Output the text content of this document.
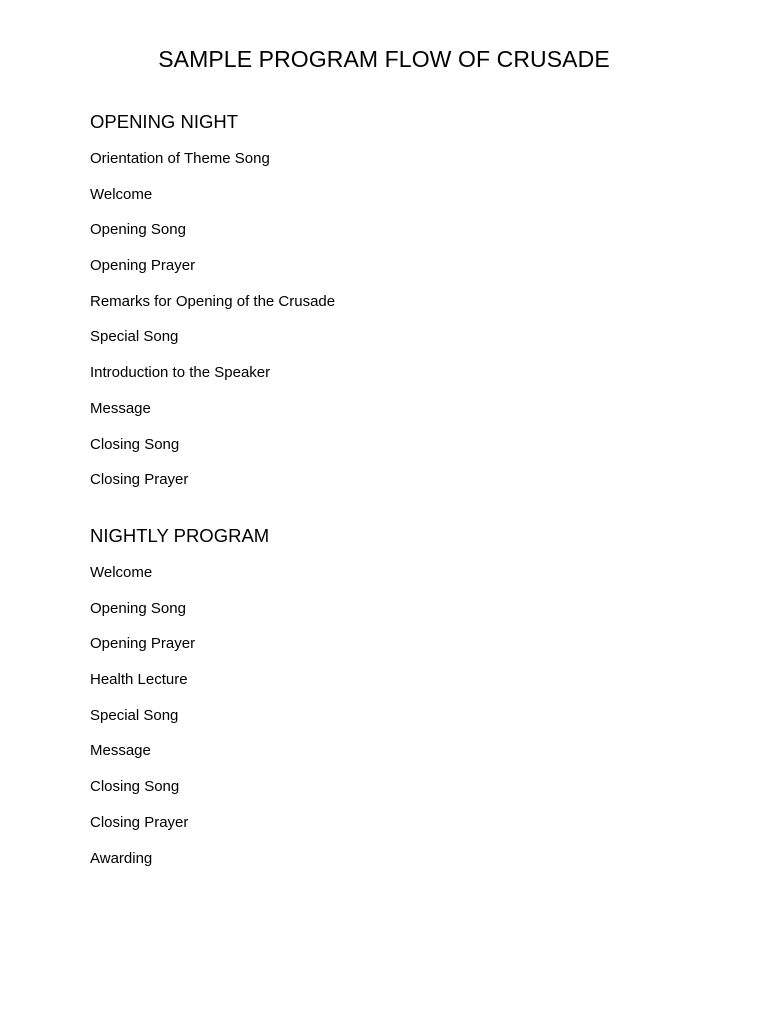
SAMPLE PROGRAM FLOW OF CRUSADE
OPENING NIGHT
Orientation of Theme Song
Welcome
Opening Song
Opening Prayer
Remarks for Opening of the Crusade
Special Song
Introduction to the Speaker
Message
Closing Song
Closing Prayer
NIGHTLY PROGRAM
Welcome
Opening Song
Opening Prayer
Health Lecture
Special Song
Message
Closing Song
Closing Prayer
Awarding
